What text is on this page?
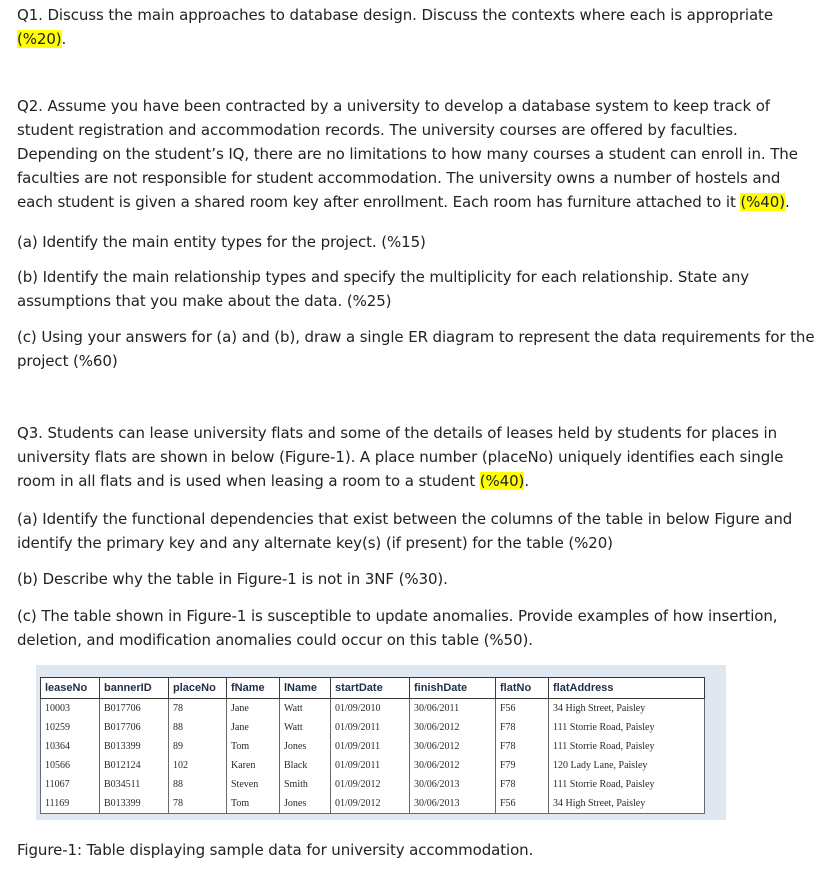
Q1. Discuss the main approaches to database design. Discuss the contexts where each is appropriate (%20).

Q2. Assume you have been contracted by a university to develop a database system to keep track of student registration and accommodation records. The university courses are offered by faculties. Depending on the student’s IQ, there are no limitations to how many courses a student can enroll in. The faculties are not responsible for student accommodation. The university owns a number of hostels and each student is given a shared room key after enrollment. Each room has furniture attached to it (%40).

(a) Identify the main entity types for the project. (%15)

(b) Identify the main relationship types and specify the multiplicity for each relationship. State any assumptions that you make about the data. (%25)

(c) Using your answers for (a) and (b), draw a single ER diagram to represent the data requirements for the project (%60)

Q3. Students can lease university flats and some of the details of leases held by students for places in university flats are shown in below (Figure-1). A place number (placeNo) uniquely identifies each single room in all flats and is used when leasing a room to a student (%40).

(a) Identify the functional dependencies that exist between the columns of the table in below Figure and identify the primary key and any alternate key(s) (if present) for the table (%20)

(b) Describe why the table in Figure-1 is not in 3NF (%30).

(c) The table shown in Figure-1 is susceptible to update anomalies. Provide examples of how insertion, deletion, and modification anomalies could occur on this table (%50).

leaseNo	bannerID	placeNo	fName	lName	startDate	finishDate	flatNo	flatAddress
10003	B017706	78	Jane	Watt	01/09/2010	30/06/2011	F56	34 High Street, Paisley
10259	B017706	88	Jane	Watt	01/09/2011	30/06/2012	F78	111 Storrie Road, Paisley
10364	B013399	89	Tom	Jones	01/09/2011	30/06/2012	F78	111 Storrie Road, Paisley
10566	B012124	102	Karen	Black	01/09/2011	30/06/2012	F79	120 Lady Lane, Paisley
11067	B034511	88	Steven	Smith	01/09/2012	30/06/2013	F78	111 Storrie Road, Paisley
11169	B013399	78	Tom	Jones	01/09/2012	30/06/2013	F56	34 High Street, Paisley

Figure-1: Table displaying sample data for university accommodation.
